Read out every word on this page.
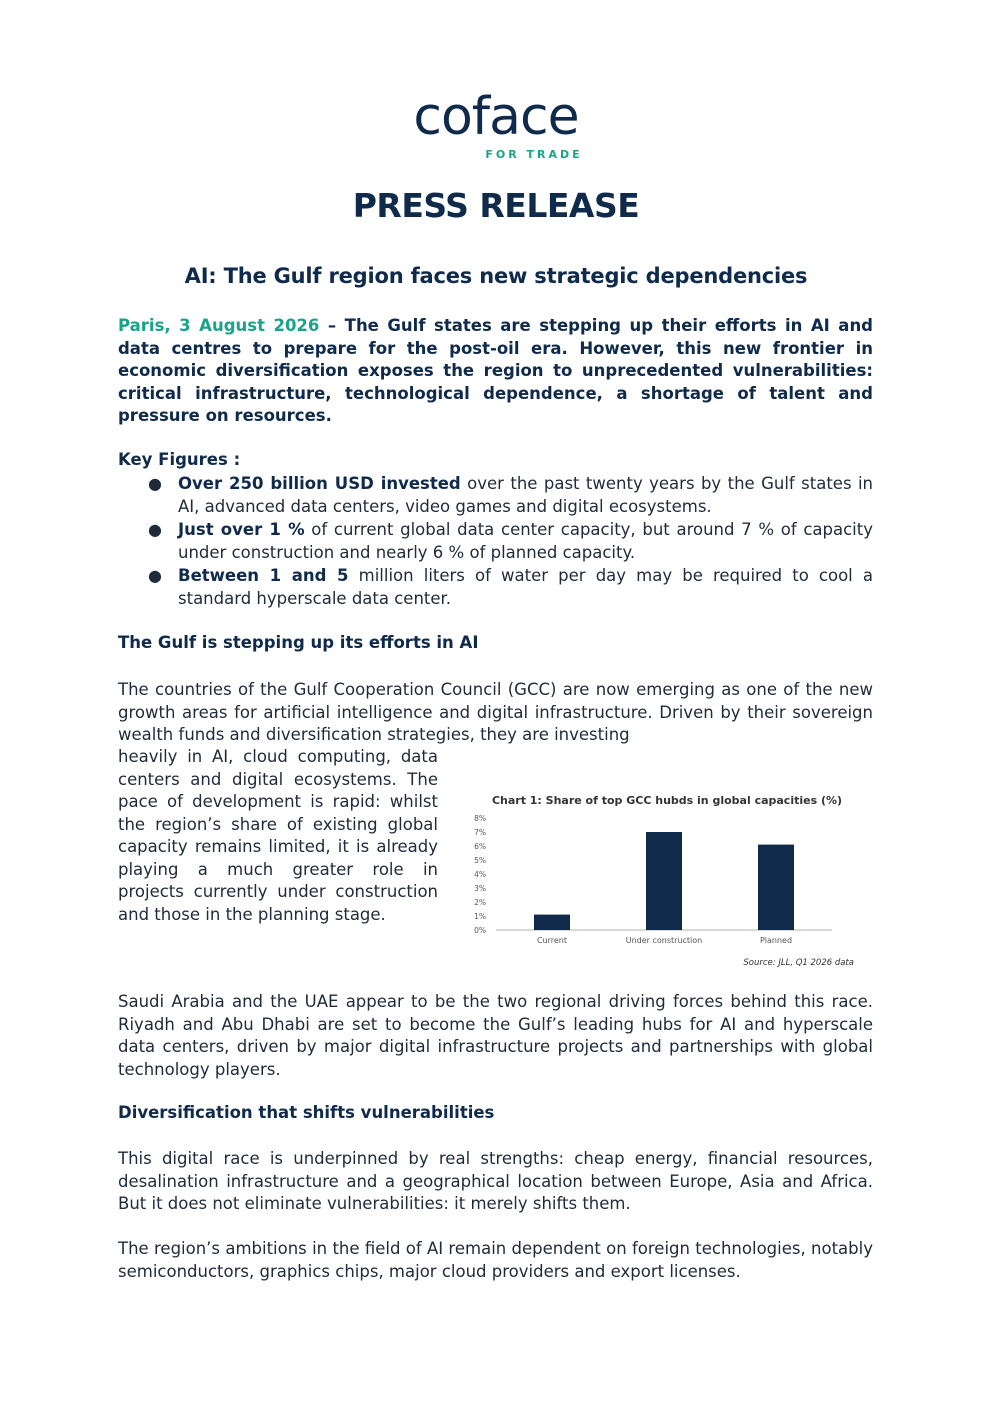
coface
FOR TRADE
PRESS RELEASE
AI: The Gulf region faces new strategic dependencies

Paris, 3 August 2026 – The Gulf states are stepping up their efforts in AI and data centres to prepare for the post-oil era. However, this new frontier in economic diversification exposes the region to unprecedented vulnerabilities: critical infrastructure, technological dependence, a shortage of talent and pressure on resources.

Key Figures :
● Over 250 billion USD invested over the past twenty years by the Gulf states in AI, advanced data centers, video games and digital ecosystems.
● Just over 1 % of current global data center capacity, but around 7 % of capacity under construction and nearly 6 % of planned capacity.
● Between 1 and 5 million liters of water per day may be required to cool a standard hyperscale data center.
The Gulf is stepping up its efforts in AI

The countries of the Gulf Cooperation Council (GCC) are now emerging as one of the new growth areas for artificial intelligence and digital infrastructure. Driven by their sovereign wealth funds and diversification strategies, they are investing

heavily in AI, cloud computing, data centers and digital ecosystems. The pace of development is rapid: whilst the region’s share of existing global capacity remains limited, it is already playing a much greater role in projects currently under construction and those in the planning stage.

Chart 1: Share of top GCC hubds in global capacities (%)
0%
1%
2%
3%
4%
5%
6%
7%
8%
Current	Under construction	Planned
Source: JLL, Q1 2026 data

Saudi Arabia and the UAE appear to be the two regional driving forces behind this race. Riyadh and Abu Dhabi are set to become the Gulf’s leading hubs for AI and hyperscale data centers, driven by major digital infrastructure projects and partnerships with global technology players.

Diversification that shifts vulnerabilities

This digital race is underpinned by real strengths: cheap energy, financial resources, desalination infrastructure and a geographical location between Europe, Asia and Africa. But it does not eliminate vulnerabilities: it merely shifts them.

The region’s ambitions in the field of AI remain dependent on foreign technologies, notably semiconductors, graphics chips, major cloud providers and export licenses.
